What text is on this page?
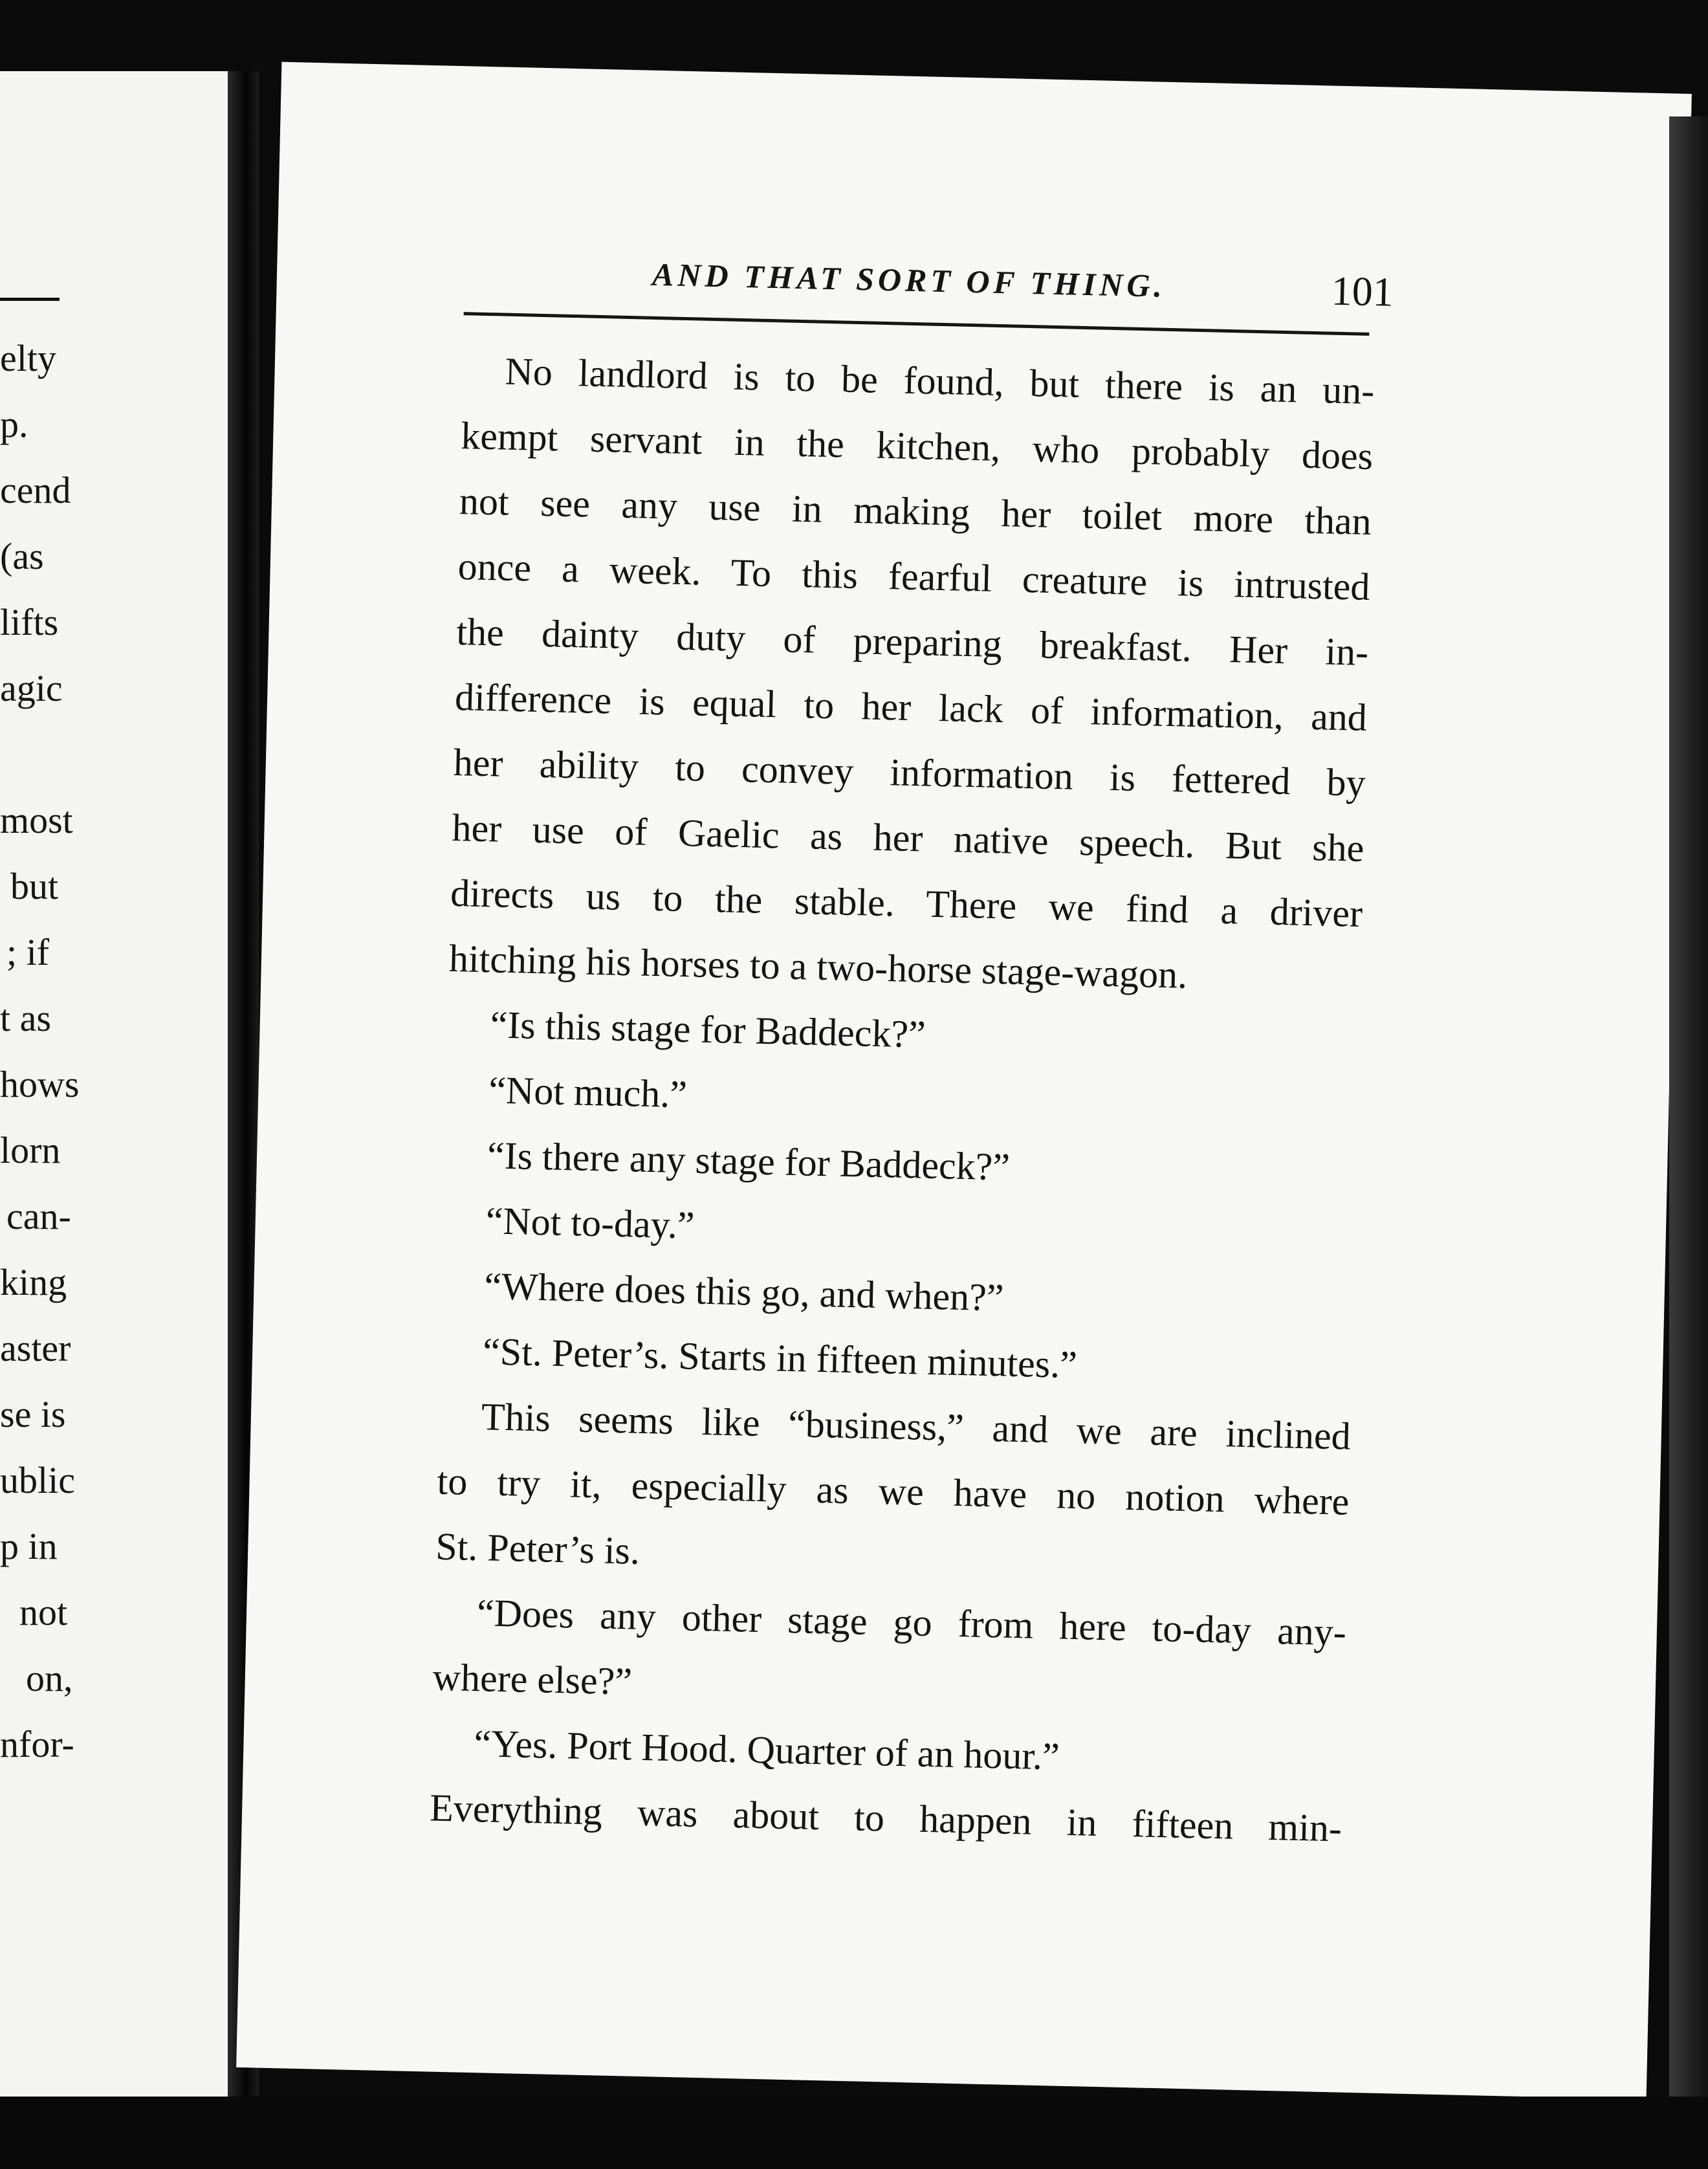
elty
p.
cend
(as
lifts
agic
most
but
; if
t as
hows
lorn
can-
king
aster
se is
ublic
p in
not
on,
nfor-
AND THAT SORT OF THING.	101
No landlord is to be found, but there is an un-
kempt servant in the kitchen, who probably does
not see any use in making her toilet more than
once a week. To this fearful creature is intrusted
the dainty duty of preparing breakfast. Her in-
difference is equal to her lack of information, and
her ability to convey information is fettered by
her use of Gaelic as her native speech. But she
directs us to the stable. There we find a driver
hitching his horses to a two-horse stage-wagon.
“Is this stage for Baddeck?”
“Not much.”
“Is there any stage for Baddeck?”
“Not to-day.”
“Where does this go, and when?”
“St. Peter’s. Starts in fifteen minutes.”
This seems like “business,” and we are inclined
to try it, especially as we have no notion where
St. Peter’s is.
“Does any other stage go from here to-day any-
where else?”
“Yes. Port Hood. Quarter of an hour.”
Everything was about to happen in fifteen min-
